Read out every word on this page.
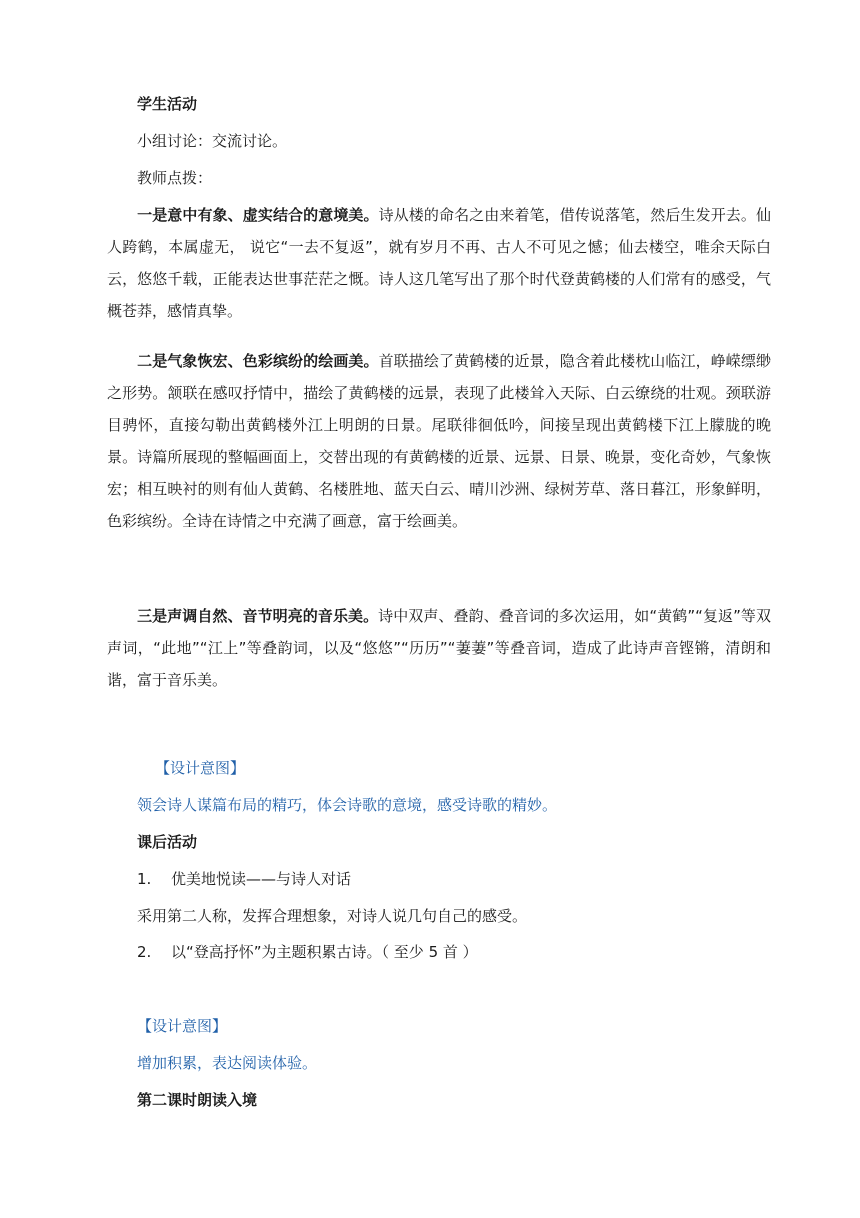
学生活动
小组讨论：交流讨论。
教师点拨：
一是意中有象、虚实结合的意境美。诗从楼的命名之由来着笔，借传说落笔，然后生发开去。仙人跨鹤，本属虚无， 说它“一去不复返”，就有岁月不再、古人不可见之憾；仙去楼空，唯余天际白云，悠悠千载，正能表达世事茫茫之慨。诗人这几笔写出了那个时代登黄鹤楼的人们常有的感受，气概苍莽，感情真挚。
二是气象恢宏、色彩缤纷的绘画美。首联描绘了黄鹤楼的近景，隐含着此楼枕山临江，峥嵘缥缈之形势。颔联在感叹抒情中，描绘了黄鹤楼的远景，表现了此楼耸入天际、白云缭绕的壮观。颈联游目骋怀，直接勾勒出黄鹤楼外江上明朗的日景。尾联徘徊低吟，间接呈现出黄鹤楼下江上朦胧的晚景。诗篇所展现的整幅画面上，交替出现的有黄鹤楼的近景、远景、日景、晚景，变化奇妙，气象恢宏；相互映衬的则有仙人黄鹤、名楼胜地、蓝天白云、晴川沙洲、绿树芳草、落日暮江，形象鲜明，色彩缤纷。全诗在诗情之中充满了画意，富于绘画美。
三是声调自然、音节明亮的音乐美。诗中双声、叠韵、叠音词的多次运用，如“黄鹤”“复返”等双声词，“此地”“江上”等叠韵词，以及“悠悠”“历历”“萋萋”等叠音词，造成了此诗声音铿锵，清朗和谐，富于音乐美。
【设计意图】
领会诗人谋篇布局的精巧，体会诗歌的意境，感受诗歌的精妙。
课后活动
1. 优美地悦读——与诗人对话
采用第二人称，发挥合理想象，对诗人说几句自己的感受。
2. 以“登高抒怀”为主题积累古诗。（ 至少 5 首 ）
【设计意图】
增加积累，表达阅读体验。
第二课时朗读入境
